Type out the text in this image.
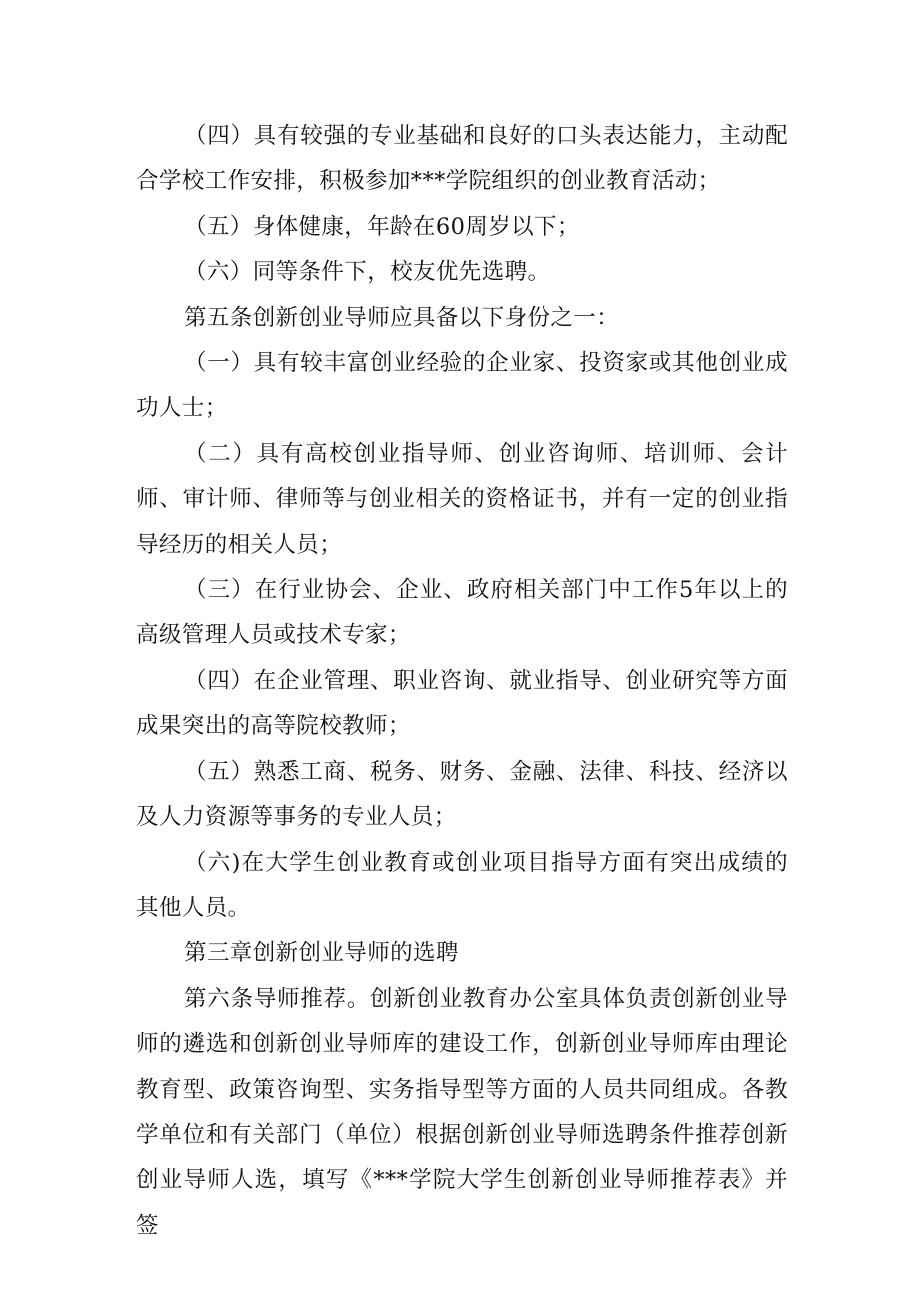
（四）具有较强的专业基础和良好的口头表达能力，主动配合学校工作安排，积极参加***学院组织的创业教育活动；

（五）身体健康，年龄在60周岁以下；

（六）同等条件下，校友优先选聘。

第五条创新创业导师应具备以下身份之一：

（一）具有较丰富创业经验的企业家、投资家或其他创业成功人士；

（二）具有高校创业指导师、创业咨询师、培训师、会计师、审计师、律师等与创业相关的资格证书，并有一定的创业指导经历的相关人员；

（三）在行业协会、企业、政府相关部门中工作5年以上的高级管理人员或技术专家；

（四）在企业管理、职业咨询、就业指导、创业研究等方面成果突出的高等院校教师；

（五）熟悉工商、税务、财务、金融、法律、科技、经济以及人力资源等事务的专业人员；

（六)在大学生创业教育或创业项目指导方面有突出成绩的其他人员。

第三章创新创业导师的选聘

第六条导师推荐。创新创业教育办公室具体负责创新创业导师的遴选和创新创业导师库的建设工作，创新创业导师库由理论教育型、政策咨询型、实务指导型等方面的人员共同组成。各教学单位和有关部门（单位）根据创新创业导师选聘条件推荐创新创业导师人选，填写《***学院大学生创新创业导师推荐表》并签
